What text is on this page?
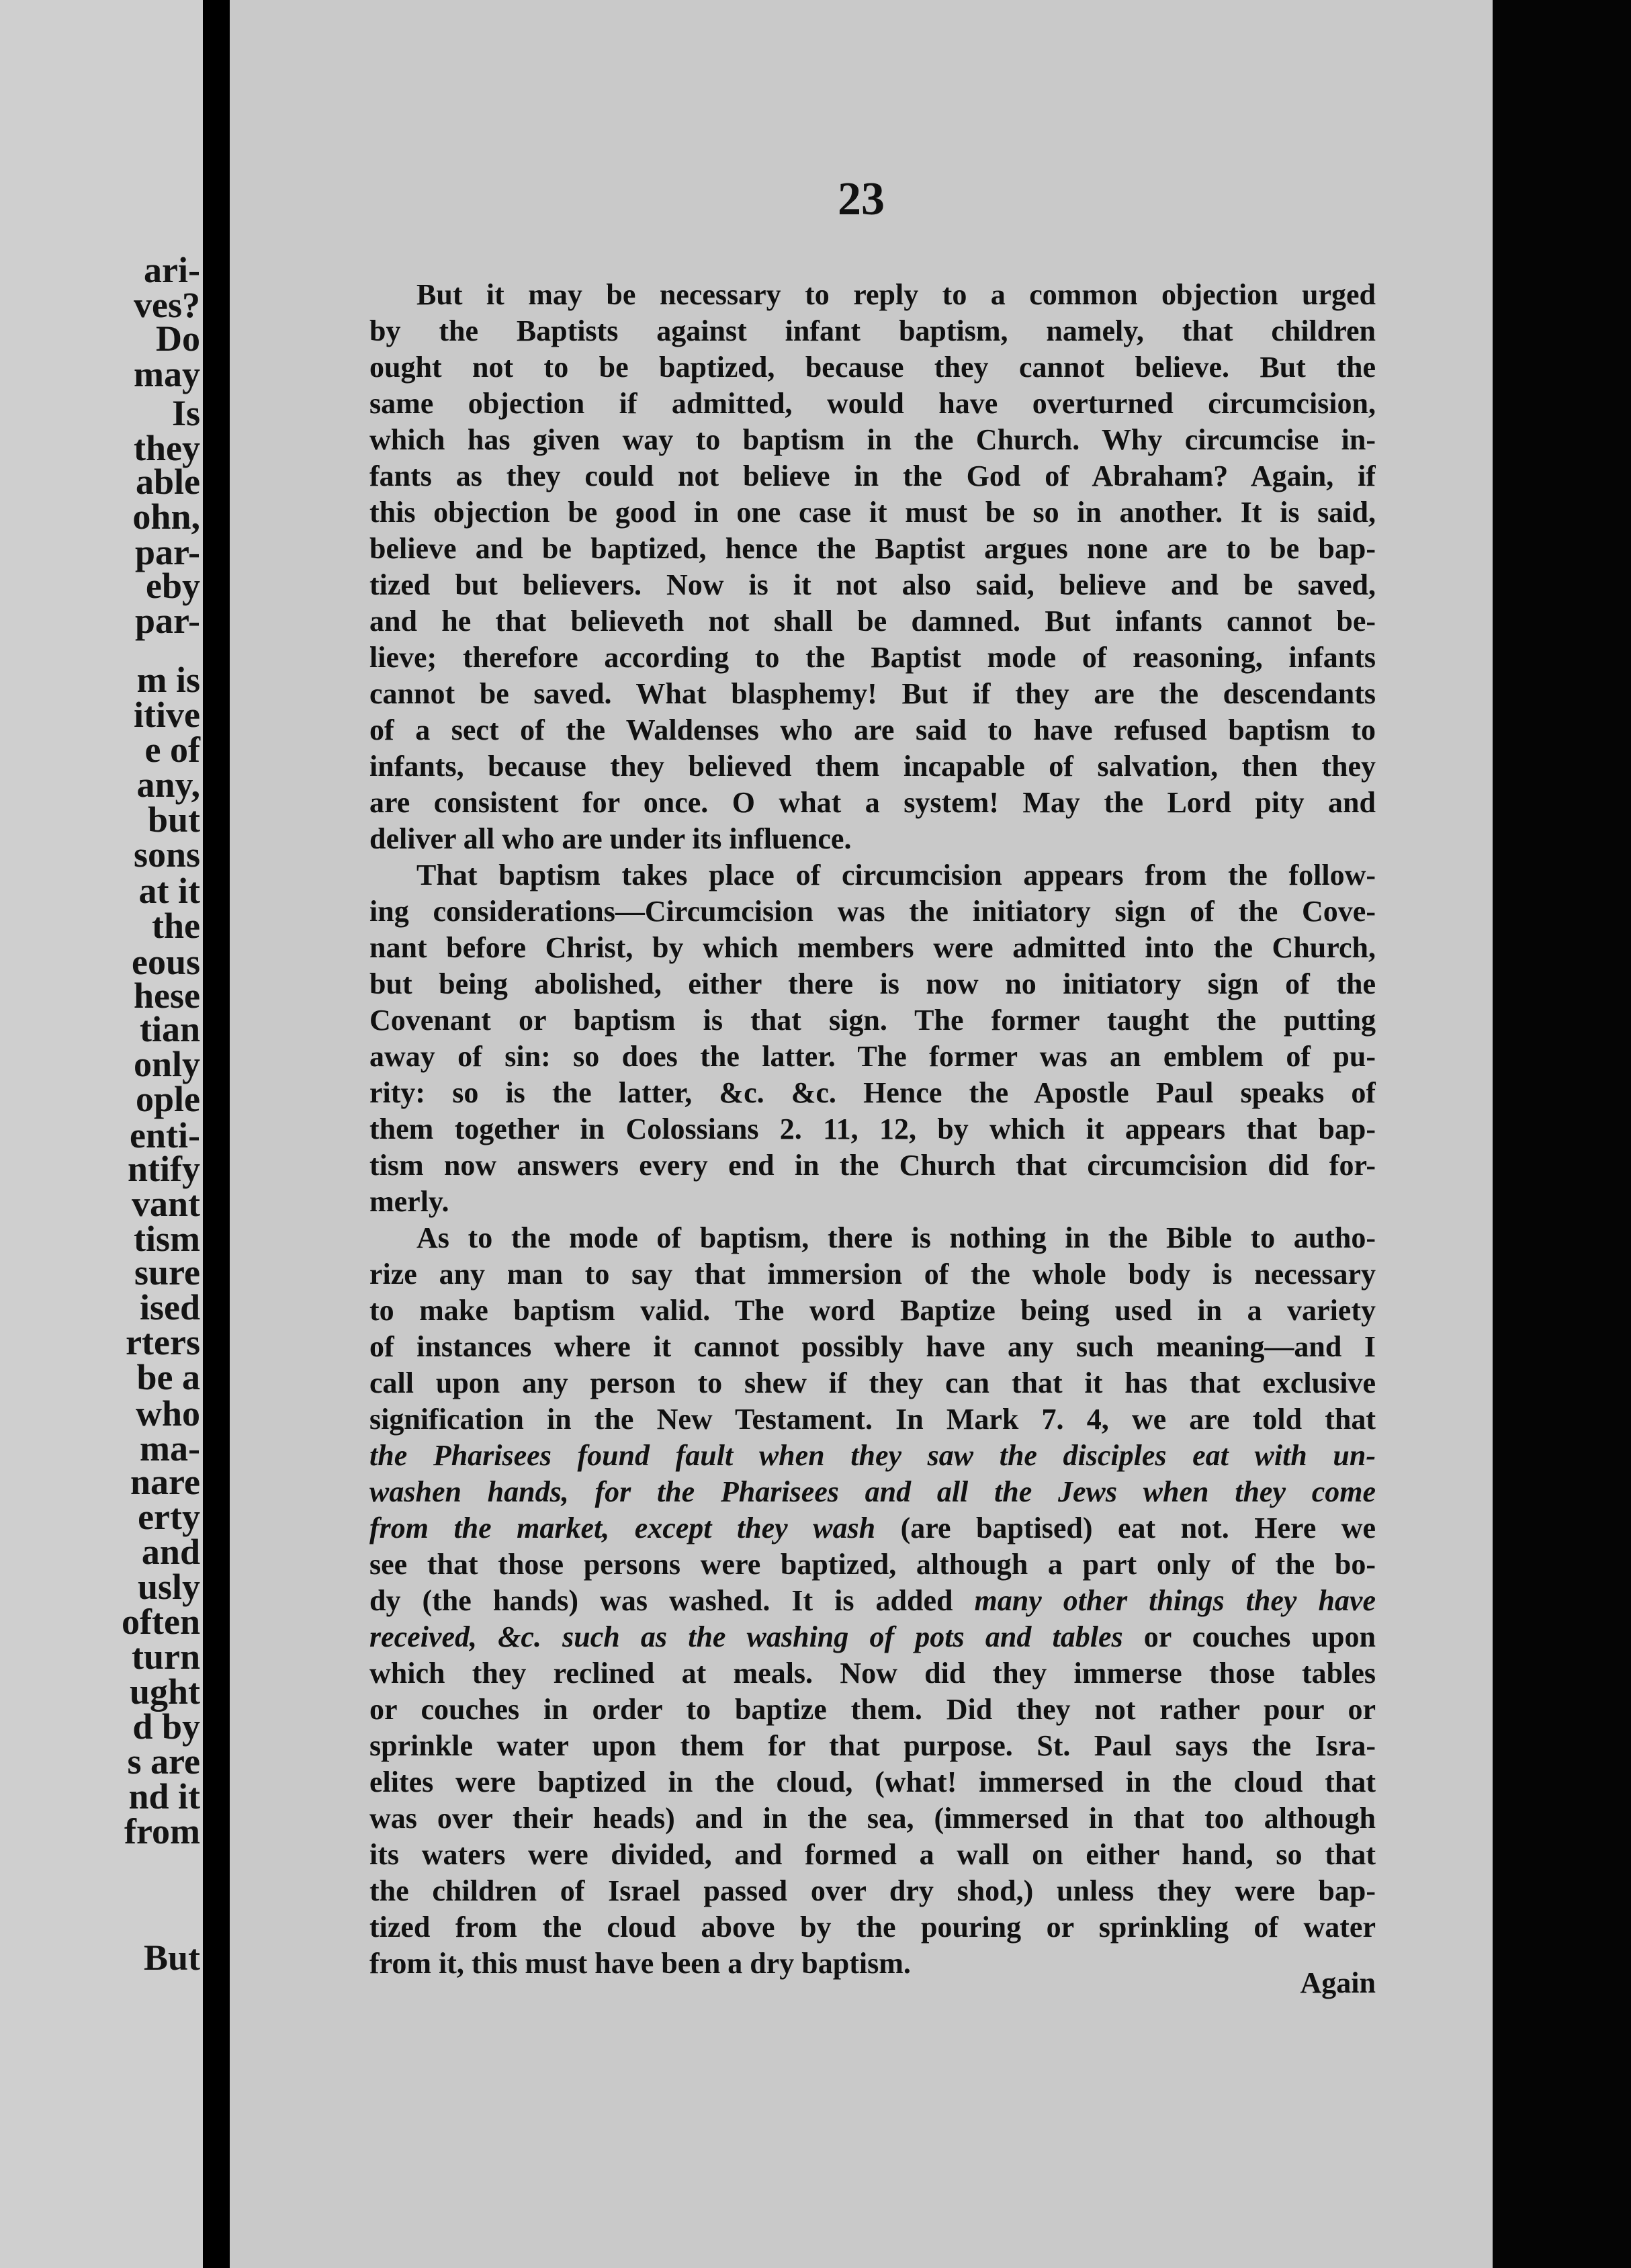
ari-
ves?
Do
may
Is
they
able
ohn,
par-
eby
par-
m is
itive
e of
any,
but
sons
at it
the
eous
hese
tian
only
ople
enti-
ntify
vant
tism
sure
ised
rters
be a
who
ma-
nare
erty
and
usly
often
turn
ught
d by
s are
nd it
from
But
23
But it may be necessary to reply to a common objection urged
by the Baptists against infant baptism, namely, that children
ought not to be baptized, because they cannot believe. But the
same objection if admitted, would have overturned circumcision,
which has given way to baptism in the Church. Why circumcise in-
fants as they could not believe in the God of Abraham? Again, if
this objection be good in one case it must be so in another. It is said,
believe and be baptized, hence the Baptist argues none are to be bap-
tized but believers. Now is it not also said, believe and be saved,
and he that believeth not shall be damned. But infants cannot be-
lieve; therefore according to the Baptist mode of reasoning, infants
cannot be saved. What blasphemy! But if they are the descendants
of a sect of the Waldenses who are said to have refused baptism to
infants, because they believed them incapable of salvation, then they
are consistent for once. O what a system! May the Lord pity and
deliver all who are under its influence.
That baptism takes place of circumcision appears from the follow-
ing considerations—Circumcision was the initiatory sign of the Cove-
nant before Christ, by which members were admitted into the Church,
but being abolished, either there is now no initiatory sign of the
Covenant or baptism is that sign. The former taught the putting
away of sin: so does the latter. The former was an emblem of pu-
rity: so is the latter, &c. &c. Hence the Apostle Paul speaks of
them together in Colossians 2. 11, 12, by which it appears that bap-
tism now answers every end in the Church that circumcision did for-
merly.
As to the mode of baptism, there is nothing in the Bible to autho-
rize any man to say that immersion of the whole body is necessary
to make baptism valid. The word Baptize being used in a variety
of instances where it cannot possibly have any such meaning—and I
call upon any person to shew if they can that it has that exclusive
signification in the New Testament. In Mark 7. 4, we are told that
the Pharisees found fault when they saw the disciples eat with un-
washen hands, for the Pharisees and all the Jews when they come
from the market, except they wash (are baptised) eat not. Here we
see that those persons were baptized, although a part only of the bo-
dy (the hands) was washed. It is added many other things they have
received, &c. such as the washing of pots and tables or couches upon
which they reclined at meals. Now did they immerse those tables
or couches in order to baptize them. Did they not rather pour or
sprinkle water upon them for that purpose. St. Paul says the Isra-
elites were baptized in the cloud, (what! immersed in the cloud that
was over their heads) and in the sea, (immersed in that too although
its waters were divided, and formed a wall on either hand, so that
the children of Israel passed over dry shod,) unless they were bap-
tized from the cloud above by the pouring or sprinkling of water
from it, this must have been a dry baptism.
Again
